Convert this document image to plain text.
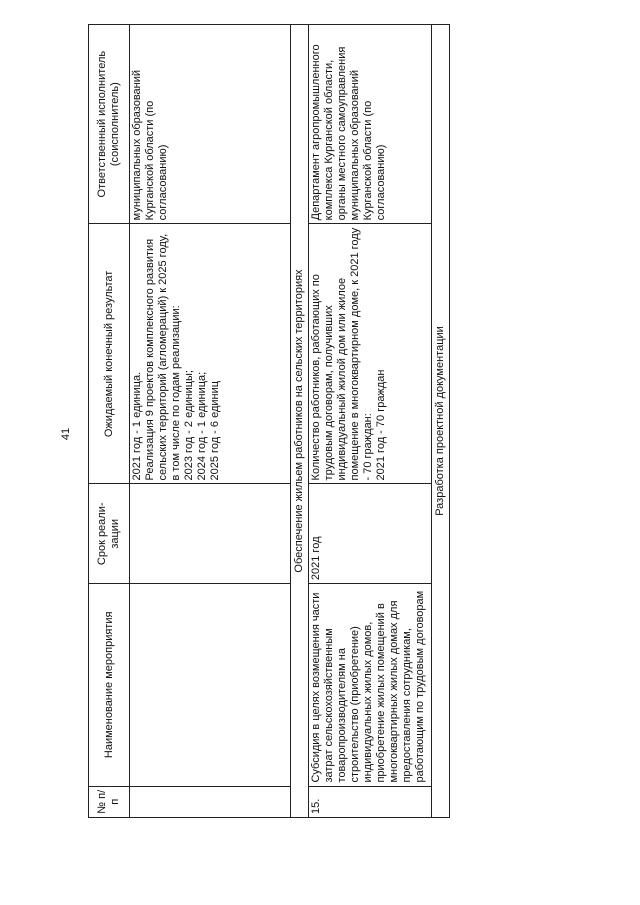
41
№ п/п	Наименование мероприятия	Срок реали- зации	Ожидаемый конечный результат	Ответственный исполнитель (соисполнитель)
			2021 год - 1 единица.
Реализация 9 проектов комплексного развития сельских территорий (агломераций) к 2025 году, в том числе по годам реализации:
2023 год - 2 единицы;
2024 год - 1 единица;
2025 год - 6 единиц	муниципальных образований Курганской области (по согласованию)
Обеспечение жильем работников на сельских территориях				
15.	Субсидия в целях возмещения части затрат сельскохозяйственным товаропроизводителям на строительство (приобретение) индивидуальных жилых домов, приобретение жилых помещений в многоквартирных жилых домах для предоставления сотрудникам, работающим по трудовым договорам	2021 год	Количество работников, работающих по трудовым договорам, получивших индивидуальный жилой дом или жилое помещение в многоквартирном доме, к 2021 году - 70 граждан:
2021 год - 70 граждан	Департамент агропромышленного комплекса Курганской области, органы местного самоуправления муниципальных образований Курганской области (по согласованию)
Разработка проектной документации				
